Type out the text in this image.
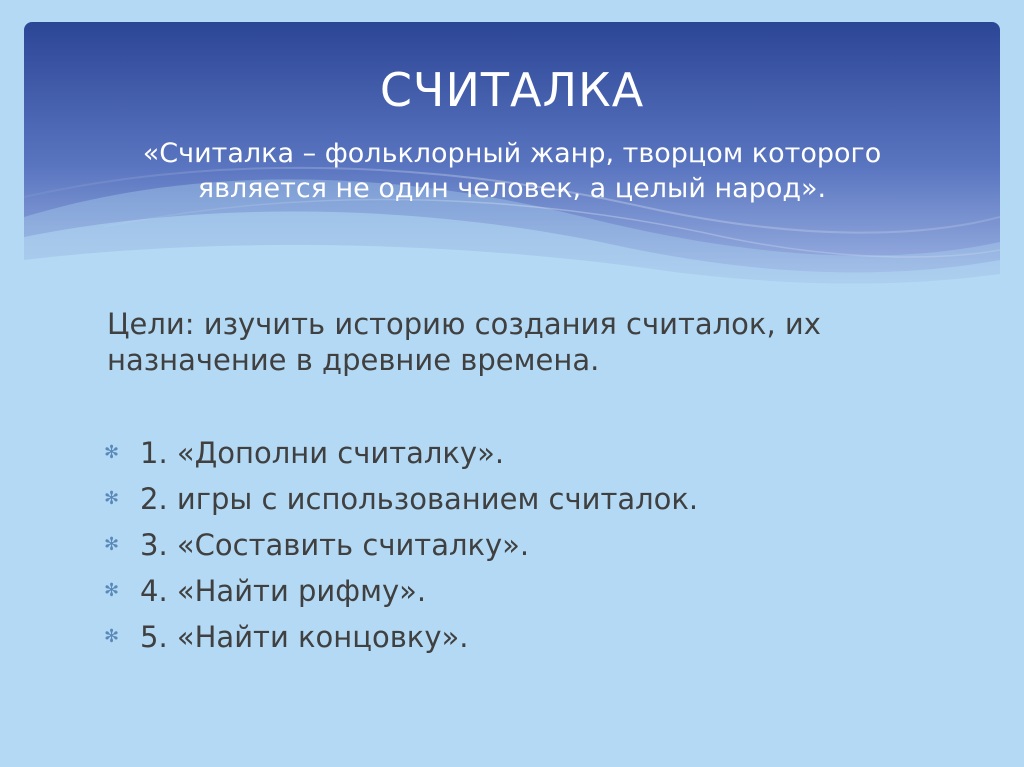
СЧИТАЛКА
«Считалка – фольклорный жанр, творцом которого является не один человек, а целый народ».
Цели: изучить историю создания считалок, их назначение в древние времена.
✻ 1. «Дополни считалку».
✻ 2. игры с использованием считалок.
✻ 3. «Составить считалку».
✻ 4. «Найти рифму».
✻ 5. «Найти концовку».
